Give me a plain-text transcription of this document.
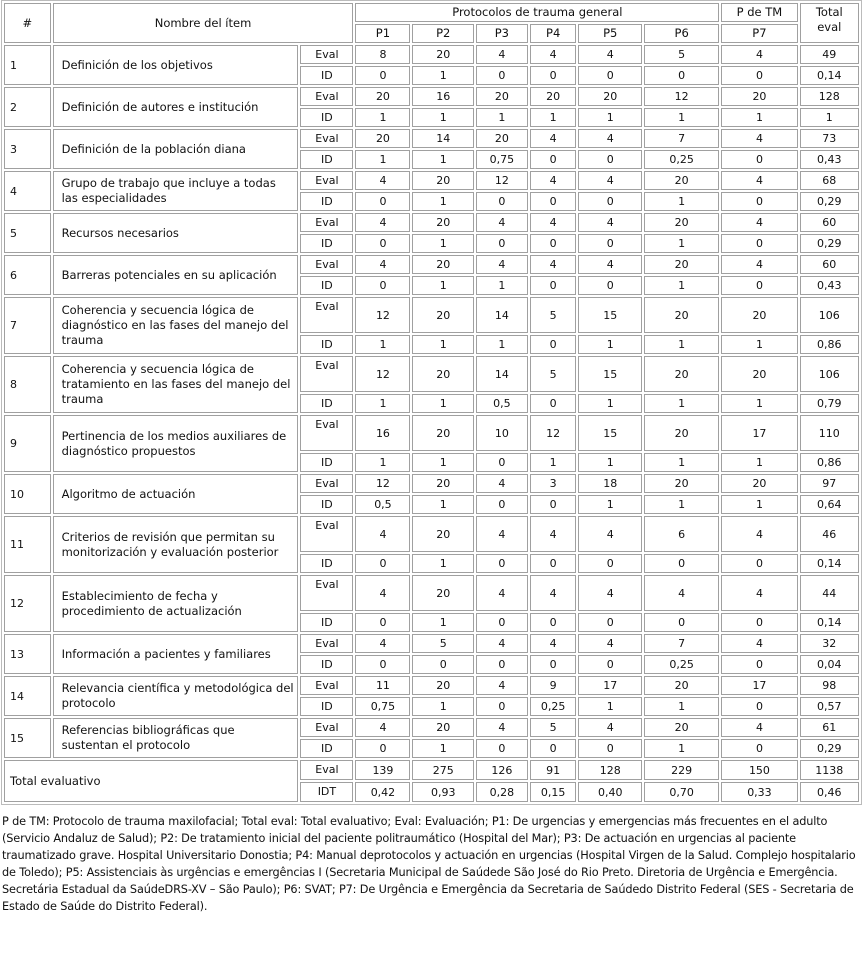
#	Nombre del ítem		Protocolos de trauma general						P de TM	Total eval
			P1	P2	P3	P4	P5	P6	P7	
1	Definición de los objetivos	Eval	8	20	4	4	4	5	4	49
		ID	0	1	0	0	0	0	0	0,14
2	Definición de autores e institución	Eval	20	16	20	20	20	12	20	128
		ID	1	1	1	1	1	1	1	1
3	Definición de la población diana	Eval	20	14	20	4	4	7	4	73
		ID	1	1	0,75	0	0	0,25	0	0,43
4	Grupo de trabajo que incluye a todas las especialidades	Eval	4	20	12	4	4	20	4	68
		ID	0	1	0	0	0	1	0	0,29
5	Recursos necesarios	Eval	4	20	4	4	4	20	4	60
		ID	0	1	0	0	0	1	0	0,29
6	Barreras potenciales en su aplicación	Eval	4	20	4	4	4	20	4	60
		ID	0	1	1	0	0	1	0	0,43
7	Coherencia y secuencia lógica de diagnóstico en las fases del manejo del trauma	Eval	12	20	14	5	15	20	20	106
		ID	1	1	1	0	1	1	1	0,86
8	Coherencia y secuencia lógica de tratamiento en las fases del manejo del trauma	Eval	12	20	14	5	15	20	20	106
		ID	1	1	0,5	0	1	1	1	0,79
9	Pertinencia de los medios auxiliares de diagnóstico propuestos	Eval	16	20	10	12	15	20	17	110
		ID	1	1	0	1	1	1	1	0,86
10	Algoritmo de actuación	Eval	12	20	4	3	18	20	20	97
		ID	0,5	1	0	0	1	1	1	0,64
11	Criterios de revisión que permitan su monitorización y evaluación posterior	Eval	4	20	4	4	4	6	4	46
		ID	0	1	0	0	0	0	0	0,14
12	Establecimiento de fecha y procedimiento de actualización	Eval	4	20	4	4	4	4	4	44
		ID	0	1	0	0	0	0	0	0,14
13	Información a pacientes y familiares	Eval	4	5	4	4	4	7	4	32
		ID	0	0	0	0	0	0,25	0	0,04
14	Relevancia científica y metodológica del protocolo	Eval	11	20	4	9	17	20	17	98
		ID	0,75	1	0	0,25	1	1	0	0,57
15	Referencias bibliográficas que sustentan el protocolo	Eval	4	20	4	5	4	20	4	61
		ID	0	1	0	0	0	1	0	0,29
Total evaluativo		Eval	139	275	126	91	128	229	150	1138
		IDT	0,42	0,93	0,28	0,15	0,40	0,70	0,33	0,46
P de TM: Protocolo de trauma maxilofacial; Total eval: Total evaluativo; Eval: Evaluación; P1: De urgencias y emergencias más frecuentes en el adulto (Servicio Andaluz de Salud); P2: De tratamiento inicial del paciente politraumático (Hospital del Mar); P3: De actuación en urgencias al paciente traumatizado grave. Hospital Universitario Donostia; P4: Manual deprotocolos y actuación en urgencias (Hospital Virgen de la Salud. Complejo hospitalario de Toledo); P5: Assistenciais às urgências e emergências I (Secretaria Municipal de Saúdede São José do Rio Preto. Diretoria de Urgência e Emergência. Secretária Estadual da SaúdeDRS-XV – São Paulo); P6: SVAT; P7: De Urgência e Emergência da Secretaria de Saúdedo Distrito Federal (SES - Secretaria de Estado de Saúde do Distrito Federal).
